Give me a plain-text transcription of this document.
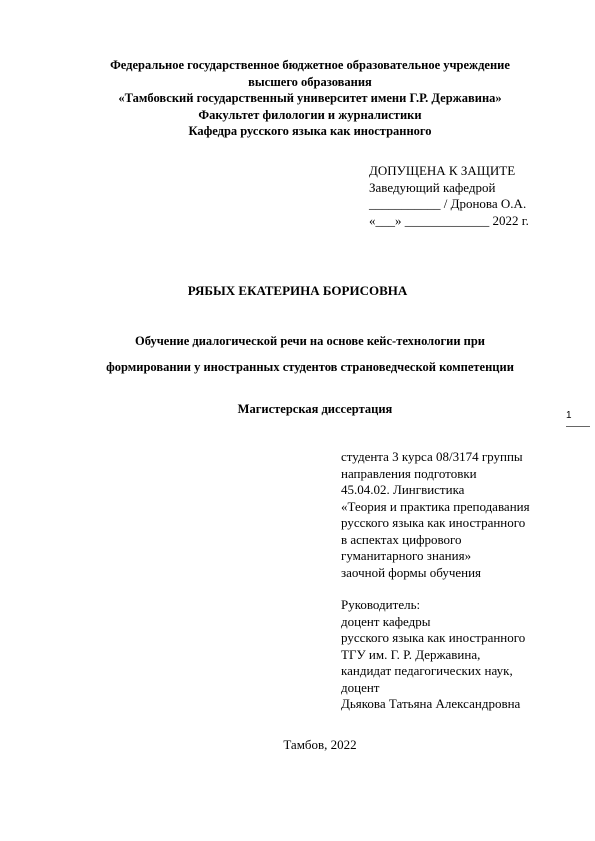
Федеральное государственное бюджетное образовательное учреждение
высшего образования
«Тамбовский государственный университет имени Г.Р. Державина»
Факультет филологии и журналистики
Кафедра русского языка как иностранного
ДОПУЩЕНА К ЗАЩИТЕ
Заведующий кафедрой
___________ / Дронова О.А.
«___» _____________ 2022 г.
РЯБЫХ ЕКАТЕРИНА БОРИСОВНА
Обучение диалогической речи на основе кейс-технологии при
формировании у иностранных студентов страноведческой компетенции
Магистерская диссертация
студента 3 курса 08/3174 группы
направления подготовки
45.04.02. Лингвистика
«Теория и практика преподавания
русского языка как иностранного
в аспектах цифрового
гуманитарного знания»
заочной формы обучения
Руководитель:
доцент кафедры
русского языка как иностранного
ТГУ им. Г. Р. Державина,
кандидат педагогических наук,
доцент
Дьякова Татьяна Александровна
Тамбов, 2022
1
